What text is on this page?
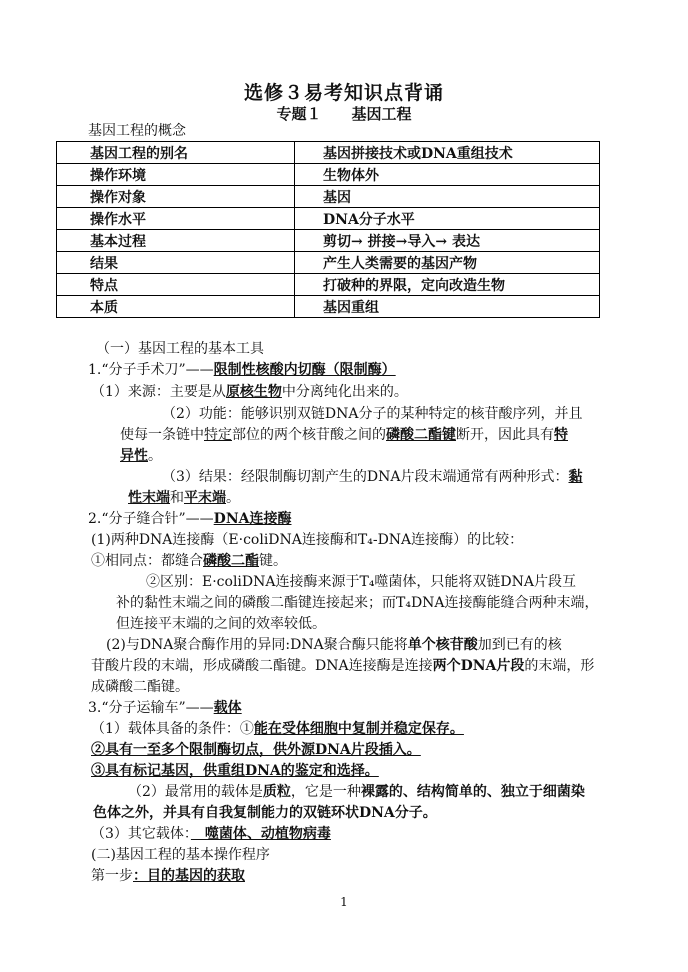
选修３易考知识点背诵
专题１　　基因工程
基因工程的概念
基因工程的别名	基因拼接技术或DNA重组技术
操作环境	生物体外
操作对象	基因
操作水平	DNA分子水平
基本过程	剪切→ 拼接→导入→ 表达
结果	产生人类需要的基因产物
特点	打破种的界限，定向改造生物
本质	基因重组
（一）基因工程的基本工具
1.“分子手术刀”——限制性核酸内切酶（限制酶）
（1）来源：主要是从原核生物中分离纯化出来的。
（2）功能：能够识别双链DNA分子的某种特定的核苷酸序列，并且
使每一条链中特定部位的两个核苷酸之间的磷酸二酯键断开，因此具有特
异性。
（3）结果：经限制酶切割产生的DNA片段末端通常有两种形式：黏
性末端和平末端。
2.“分子缝合针”——DNA连接酶
(1)两种DNA连接酶（E·coliDNA连接酶和T₄-DNA连接酶）的比较：
①相同点：都缝合磷酸二酯键。
②区别：E·coliDNA连接酶来源于T₄噬菌体，只能将双链DNA片段互
补的黏性末端之间的磷酸二酯键连接起来；而T₄DNA连接酶能缝合两种末端，
但连接平末端的之间的效率较低。
(2)与DNA聚合酶作用的异同:DNA聚合酶只能将单个核苷酸加到已有的核
苷酸片段的末端，形成磷酸二酯键。DNA连接酶是连接两个DNA片段的末端，形
成磷酸二酯键。
3.“分子运输车”——载体
（1）载体具备的条件：①能在受体细胞中复制并稳定保存。
②具有一至多个限制酶切点，供外源DNA片段插入。
③具有标记基因，供重组DNA的鉴定和选择。
（2）最常用的载体是质粒，它是一种裸露的、结构简单的、独立于细菌染
色体之外，并具有自我复制能力的双链环状DNA分子。
（3）其它载体：　噬菌体、动植物病毒
(二)基因工程的基本操作程序
第一步：目的基因的获取
1
